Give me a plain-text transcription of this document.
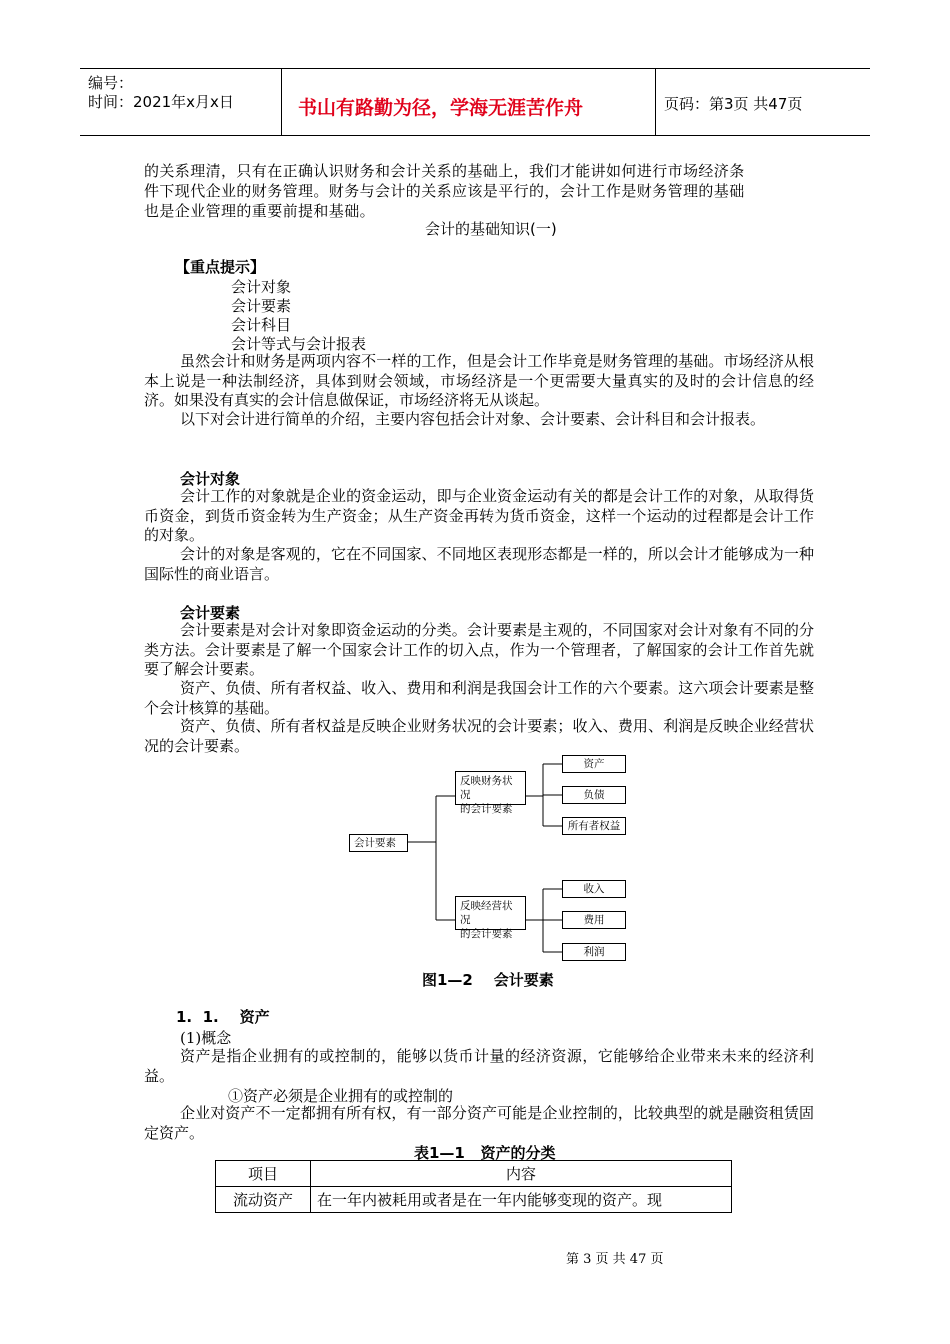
编号：
时间：2021年x月x日	书山有路勤为径，学海无涯苦作舟	页码：第3页 共47页
的关系理清，只有在正确认识财务和会计关系的基础上，我们才能讲如何进行市场经济条
件下现代企业的财务管理。财务与会计的关系应该是平行的，会计工作是财务管理的基础
也是企业管理的重要前提和基础。
会计的基础知识(一)
【重点提示】
会计对象
会计要素
会计科目
会计等式与会计报表
虽然会计和财务是两项内容不一样的工作，但是会计工作毕竟是财务管理的基础。市场经济从根本上说是一种法制经济，具体到财会领域，市场经济是一个更需要大量真实的及时的会计信息的经济。如果没有真实的会计信息做保证，市场经济将无从谈起。
以下对会计进行简单的介绍，主要内容包括会计对象、会计要素、会计科目和会计报表。
会计对象
会计工作的对象就是企业的资金运动，即与企业资金运动有关的都是会计工作的对象，从取得货币资金，到货币资金转为生产资金；从生产资金再转为货币资金，这样一个运动的过程都是会计工作的对象。
会计的对象是客观的，它在不同国家、不同地区表现形态都是一样的，所以会计才能够成为一种国际性的商业语言。
会计要素
会计要素是对会计对象即资金运动的分类。会计要素是主观的，不同国家对会计对象有不同的分类方法。会计要素是了解一个国家会计工作的切入点，作为一个管理者，了解国家的会计工作首先就要了解会计要素。
资产、负债、所有者权益、收入、费用和利润是我国会计工作的六个要素。这六项会计要素是整个会计核算的基础。
资产、负债、所有者权益是反映企业财务状况的会计要素；收入、费用、利润是反映企业经营状况的会计要素。
会计要素
反映财务状况
的会计要素
资产
负债
所有者权益
反映经营状况
的会计要素
收入
费用
利润
图1—2    会计要素
1.  1.    资产
(1)概念
资产是指企业拥有的或控制的，能够以货币计量的经济资源，它能够给企业带来未来的经济利益。
①资产必须是企业拥有的或控制的
企业对资产不一定都拥有所有权，有一部分资产可能是企业控制的，比较典型的就是融资租赁固定资产。
表1—1   资产的分类
项目	内容
流动资产	在一年内被耗用或者是在一年内能够变现的资产。现
第 3 页 共 47 页
